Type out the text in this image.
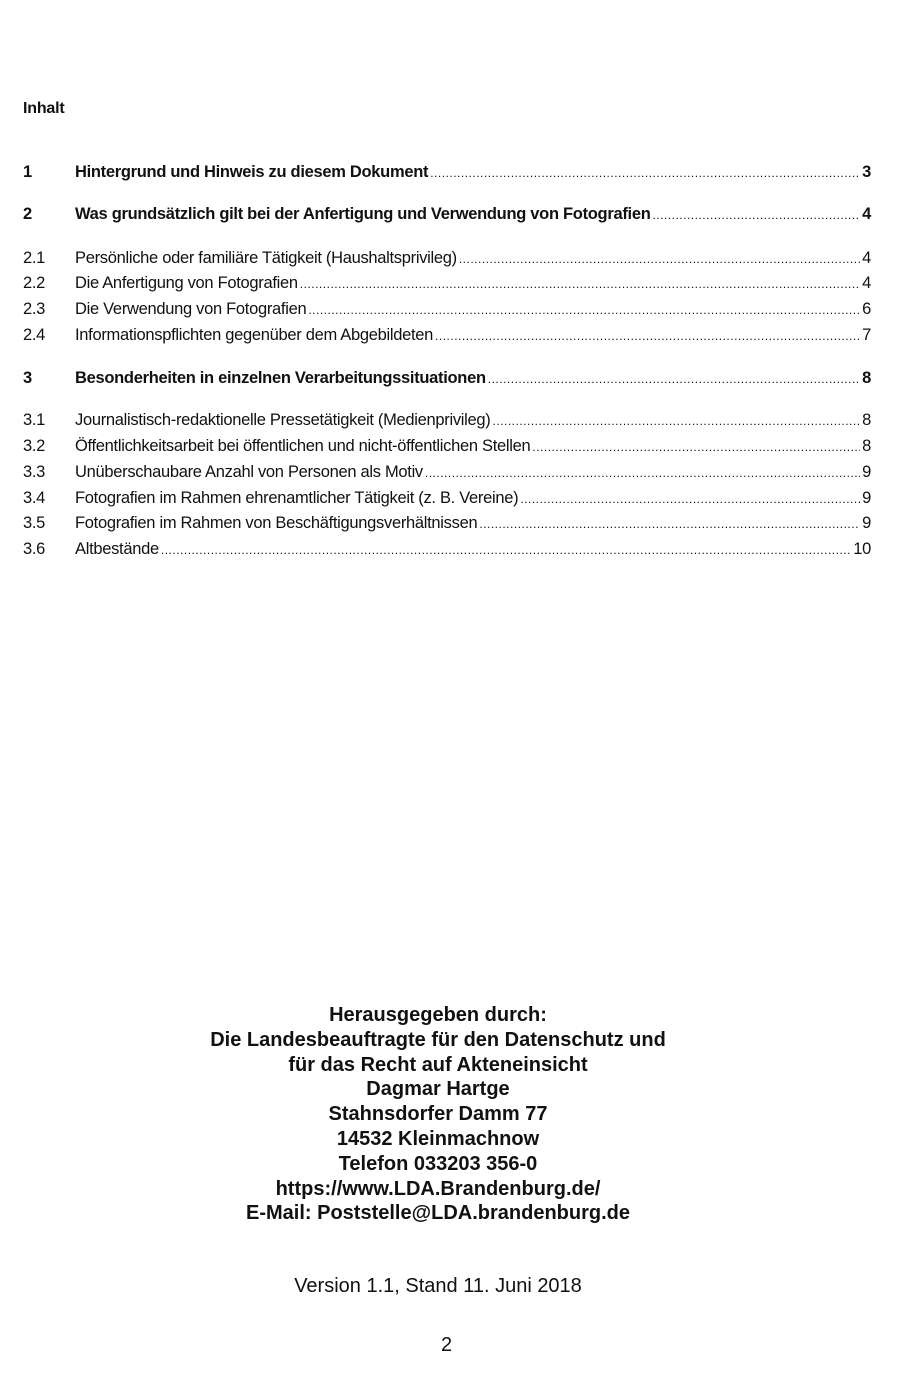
Inhalt
1	Hintergrund und Hinweis zu diesem Dokument .....	3
2	Was grundsätzlich gilt bei der Anfertigung und Verwendung von Fotografien .....	4
2.1	Persönliche oder familiäre Tätigkeit (Haushaltsprivileg) .....	4
2.2	Die Anfertigung von Fotografien .....	4
2.3	Die Verwendung von Fotografien .....	6
2.4	Informationspflichten gegenüber dem Abgebildeten .....	7
3	Besonderheiten in einzelnen Verarbeitungssituationen .....	8
3.1	Journalistisch-redaktionelle Pressetätigkeit (Medienprivileg) .....	8
3.2	Öffentlichkeitsarbeit bei öffentlichen und nicht-öffentlichen Stellen .....	8
3.3	Unüberschaubare Anzahl von Personen als Motiv .....	9
3.4	Fotografien im Rahmen ehrenamtlicher Tätigkeit (z. B. Vereine) .....	9
3.5	Fotografien im Rahmen von Beschäftigungsverhältnissen .....	9
3.6	Altbestände .....	10
Herausgegeben durch:
Die Landesbeauftragte für den Datenschutz und
für das Recht auf Akteneinsicht
Dagmar Hartge
Stahnsdorfer Damm 77
14532 Kleinmachnow
Telefon 033203 356-0
https://www.LDA.Brandenburg.de/
E-Mail: Poststelle@LDA.brandenburg.de
Version 1.1, Stand 11. Juni 2018
2
